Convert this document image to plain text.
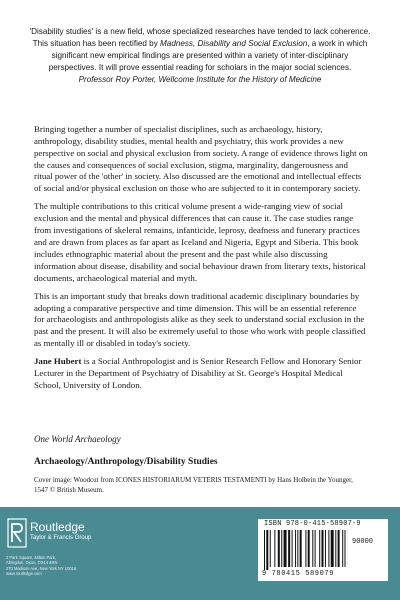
'Disability studies' is a new field, whose specialized researches have tended to lack coherence. This situation has been rectified by Madness, Disability and Social Exclusion, a work in which significant new empirical findings are presented within a variety of inter-disciplinary perspectives. It will prove essential reading for scholars in the major social sciences.

Professor Roy Porter, Wellcome Institute for the History of Medicine

Bringing together a number of specialist disciplines, such as archaeology, history, anthropology, disability studies, mental health and psychiatry, this work provides a new perspective on social and physical exclusion from society. A range of evidence throws light on the causes and consequences of social exclusion, stigma, marginality, dangerousness and ritual power of the 'other' in society. Also discussed are the emotional and intellectual effects of social and/or physical exclusion on those who are subjected to it in contemporary society.

The multiple contributions to this critical volume present a wide-ranging view of social exclusion and the mental and physical differences that can cause it. The case studies range from investigations of skeleral remains, infanticide, leprosy, deafness and funerary practices and are drawn from places as far apart as Iceland and Nigeria, Egypt and Siberia. This book includes ethnographic material about the present and the past while also discussing information about disease, disability and social behaviour drawn from literary texts, historical documents, archaeological material and myth.

This is an important study that breaks down traditional academic disciplinary boundaries by adopting a comparative perspective and time dimension. This will be an essential reference for archaeologists and anthropologists alike as they seek to understand social exclusion in the past and the present. It will also be extremely useful to those who work with people classified as mentally ill or disabled in today's society.

Jane Hubert is a Social Anthropologist and is Senior Research Fellow and Honorary Senior Lecturer in the Department of Psychiatry of Disability at St. George's Hospital Medical School, University of London.

One World Archaeology
Archaeology/Anthropology/Disability Studies
Cover image: Woodcut from ICONES HISTORIARUM VETERIS TESTAMENTI by Hans Holbein the Younger, 1547 © British Museum.
Routledge
Taylor & Francis Group
2 Park Square, Milton Park,
Abingdon, Oxon, OX14 4RN
270 Madison Ave, New York NY 10016
www.routledge.com
ISBN 978-0-415-58907-9
90000
9 780415 589079
